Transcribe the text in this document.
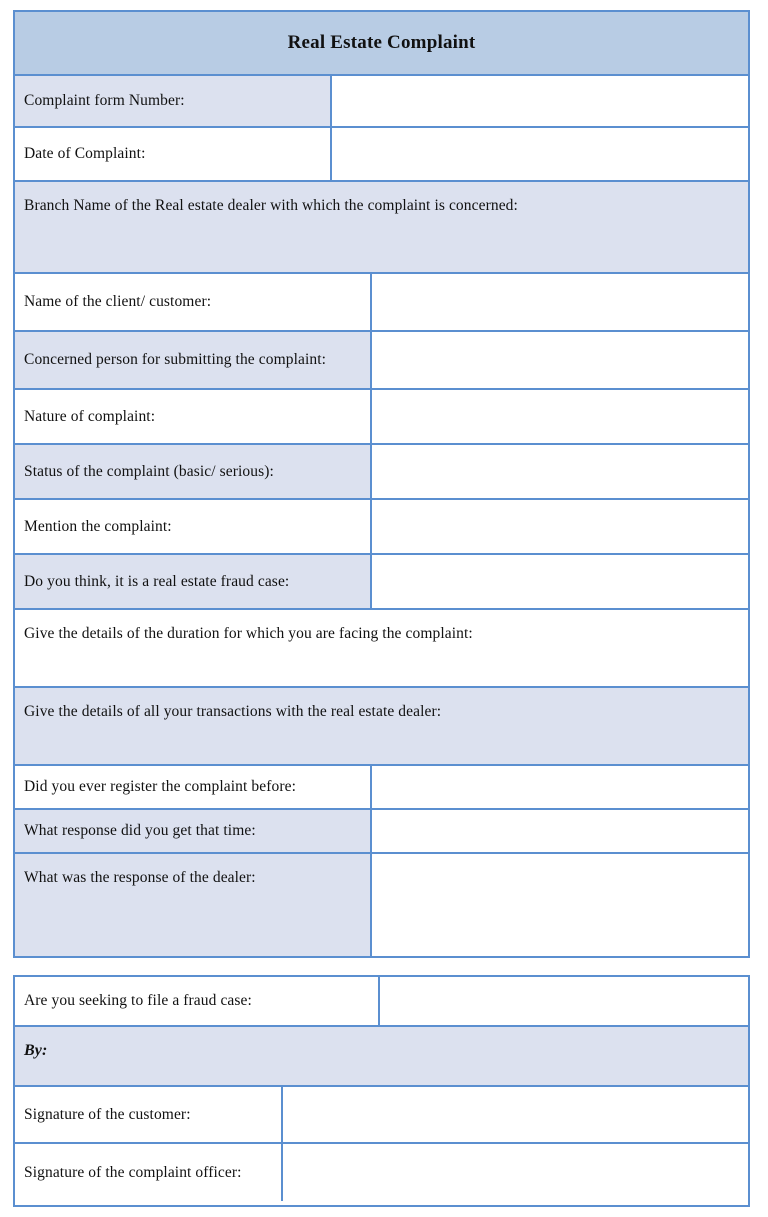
Real Estate Complaint
Complaint form Number:
Date of Complaint:
Branch Name of the Real estate dealer with which the complaint is concerned:
Name of the client/ customer:
Concerned person for submitting the complaint:
Nature of complaint:
Status of the complaint (basic/ serious):
Mention the complaint:
Do you think, it is a real estate fraud case:
Give the details of the duration for which you are facing the complaint:
Give the details of all your transactions with the real estate dealer:
Did you ever register the complaint before:
What response did you get that time:
What was the response of the dealer:
Are you seeking to file a fraud case:
By:
Signature of the customer:
Signature of the complaint officer:
